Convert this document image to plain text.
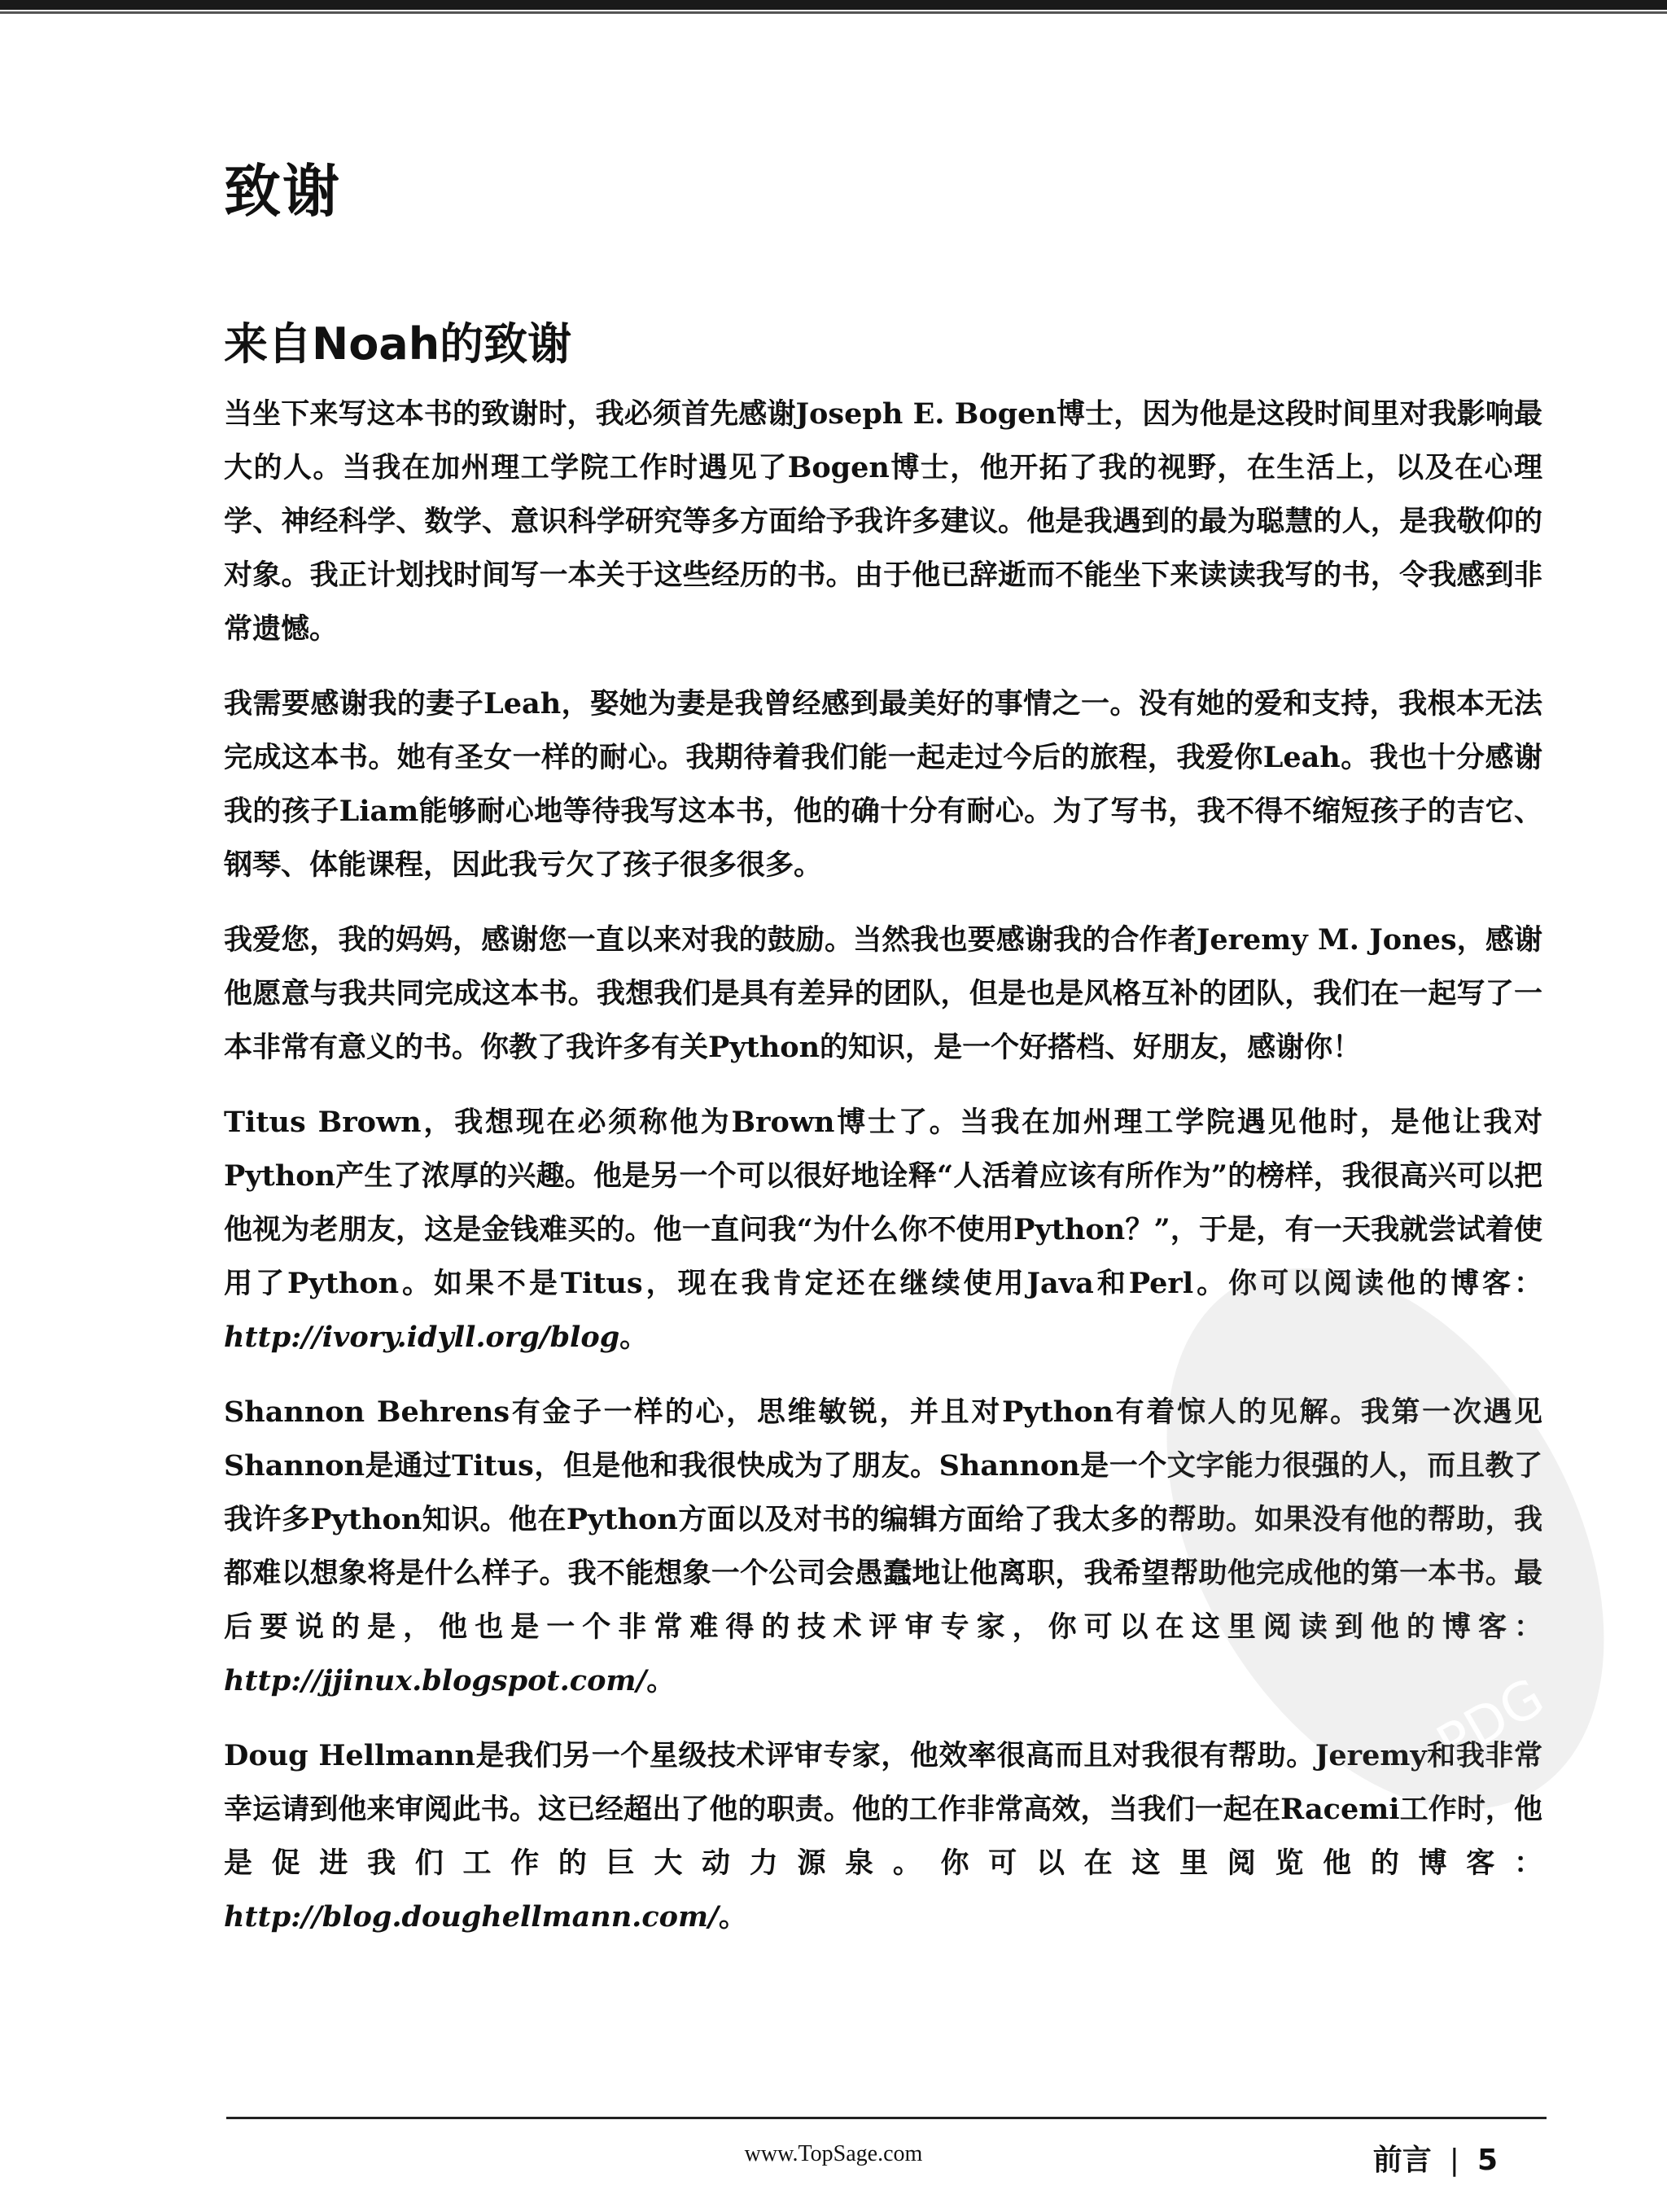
致谢
来自Noah的致谢

当坐下来写这本书的致谢时，我必须首先感谢Joseph E. Bogen博士，因为他是这段时间里对我影响最大的人。当我在加州理工学院工作时遇见了Bogen博士，他开拓了我的视野，在生活上，以及在心理学、神经科学、数学、意识科学研究等多方面给予我许多建议。他是我遇到的最为聪慧的人，是我敬仰的对象。我正计划找时间写一本关于这些经历的书。由于他已辞逝而不能坐下来读读我写的书，令我感到非常遗憾。

我需要感谢我的妻子Leah，娶她为妻是我曾经感到最美好的事情之一。没有她的爱和支持，我根本无法完成这本书。她有圣女一样的耐心。我期待着我们能一起走过今后的旅程，我爱你Leah。我也十分感谢我的孩子Liam能够耐心地等待我写这本书，他的确十分有耐心。为了写书，我不得不缩短孩子的吉它、钢琴、体能课程，因此我亏欠了孩子很多很多。

我爱您，我的妈妈，感谢您一直以来对我的鼓励。当然我也要感谢我的合作者Jeremy M. Jones，感谢他愿意与我共同完成这本书。我想我们是具有差异的团队，但是也是风格互补的团队，我们在一起写了一本非常有意义的书。你教了我许多有关Python的知识，是一个好搭档、好朋友，感谢你！

Titus Brown，我想现在必须称他为Brown博士了。当我在加州理工学院遇见他时，是他让我对Python产生了浓厚的兴趣。他是另一个可以很好地诠释“人活着应该有所作为”的榜样，我很高兴可以把他视为老朋友，这是金钱难买的。他一直问我“为什么你不使用Python？”，于是，有一天我就尝试着使用了Python。如果不是Titus，现在我肯定还在继续使用Java和Perl。你可以阅读他的博客：http://ivory.idyll.org/blog。

Shannon Behrens有金子一样的心，思维敏锐，并且对Python有着惊人的见解。我第一次遇见Shannon是通过Titus，但是他和我很快成为了朋友。Shannon是一个文字能力很强的人，而且教了我许多Python知识。他在Python方面以及对书的编辑方面给了我太多的帮助。如果没有他的帮助，我都难以想象将是什么样子。我不能想象一个公司会愚蠢地让他离职，我希望帮助他完成他的第一本书。最后要说的是，他也是一个非常难得的技术评审专家，你可以在这里阅读到他的博客：http://jjinux.blogspot.com/。

Doug Hellmann是我们另一个星级技术评审专家，他效率很高而且对我很有帮助。Jeremy和我非常幸运请到他来审阅此书。这已经超出了他的职责。他的工作非常高效，当我们一起在Racemi工作时，他是促进我们工作的巨大动力源泉。你可以在这里阅览他的博客：http://blog.doughellmann.com/。

PDG
www.TopSage.com	前言 | 5
